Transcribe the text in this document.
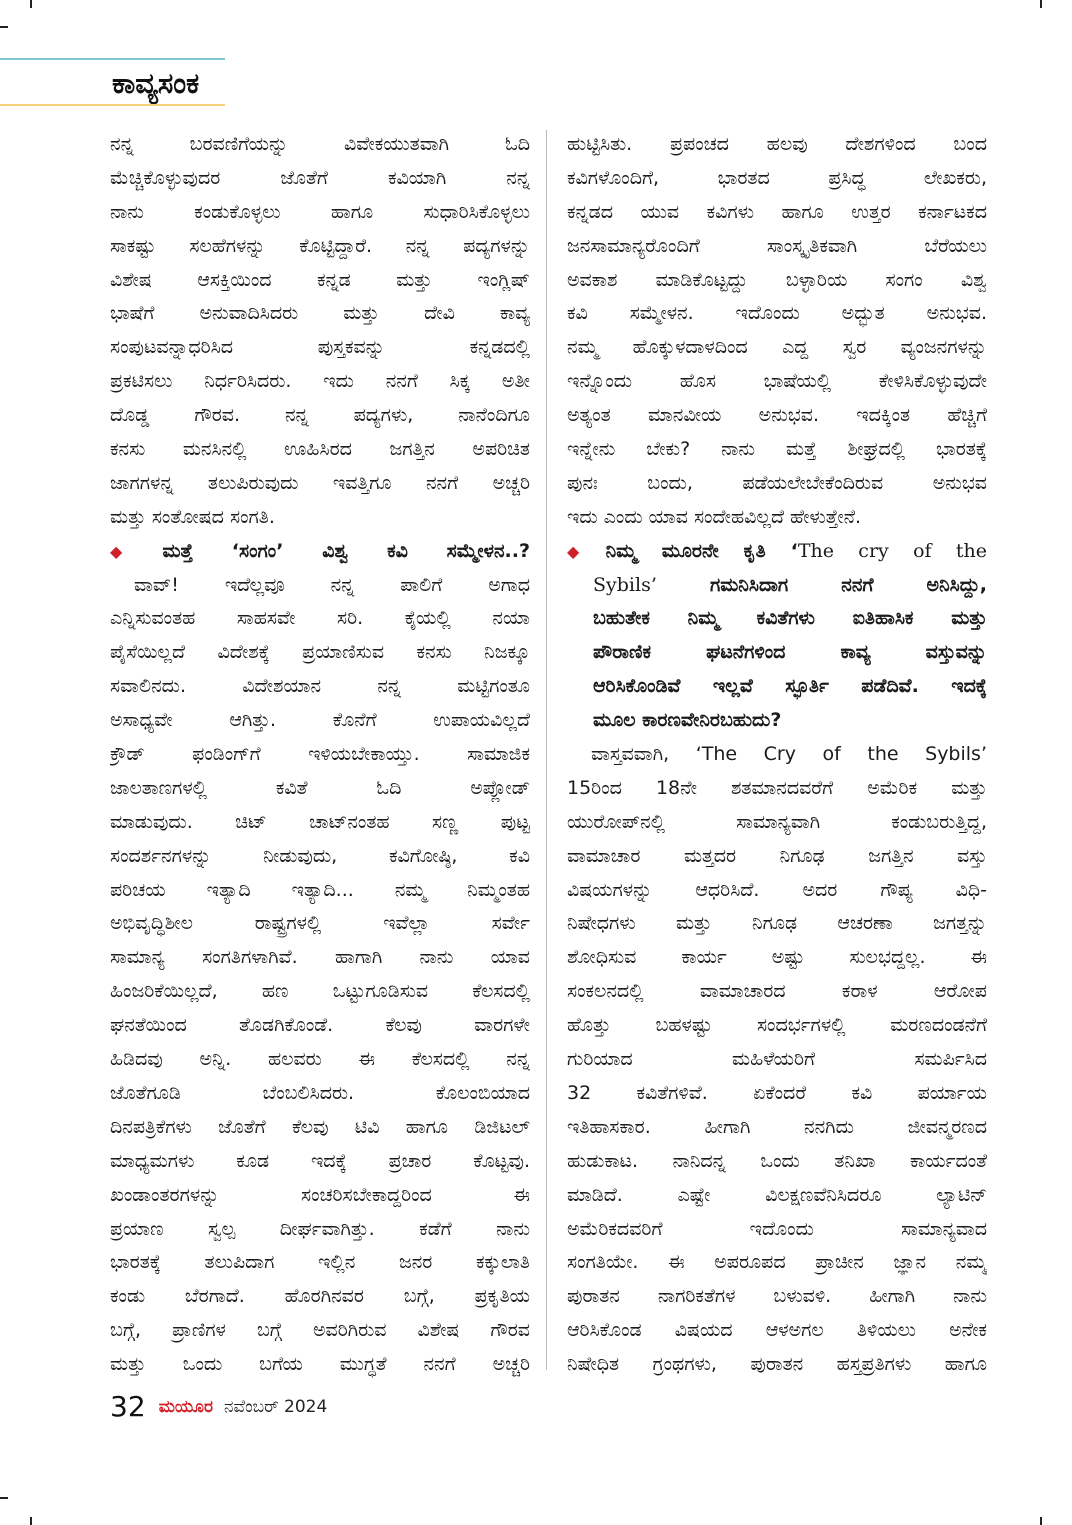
ಕಾವ್ಯಸಂಕ
ನನ್ನ ಬರವಣಿಗೆಯನ್ನು ವಿವೇಕಯುತವಾಗಿ ಓದಿ
ಮೆಚ್ಚಿಕೊಳ್ಳುವುದರ ಜೊತೆಗೆ ಕವಿಯಾಗಿ ನನ್ನ
ನಾನು ಕಂಡುಕೊಳ್ಳಲು ಹಾಗೂ ಸುಧಾರಿಸಿಕೊಳ್ಳಲು
ಸಾಕಷ್ಟು ಸಲಹೆಗಳನ್ನು ಕೊಟ್ಟಿದ್ದಾರೆ. ನನ್ನ ಪದ್ಯಗಳನ್ನು
ವಿಶೇಷ ಆಸಕ್ತಿಯಿಂದ ಕನ್ನಡ ಮತ್ತು ಇಂಗ್ಲಿಷ್
ಭಾಷೆಗೆ ಅನುವಾದಿಸಿದರು ಮತ್ತು ದೇವಿ ಕಾವ್ಯ
ಸಂಪುಟವನ್ನಾಧರಿಸಿದ ಪುಸ್ತಕವನ್ನು ಕನ್ನಡದಲ್ಲಿ
ಪ್ರಕಟಿಸಲು ನಿರ್ಧರಿಸಿದರು. ಇದು ನನಗೆ ಸಿಕ್ಕ ಅತೀ
ದೊಡ್ಡ ಗೌರವ. ನನ್ನ ಪದ್ಯಗಳು, ನಾನೆಂದಿಗೂ
ಕನಸು ಮನಸಿನಲ್ಲಿ ಊಹಿಸಿರದ ಜಗತ್ತಿನ ಅಪರಿಚಿತ
ಜಾಗಗಳನ್ನ ತಲುಪಿರುವುದು ಇವತ್ತಿಗೂ ನನಗೆ ಅಚ್ಚರಿ
ಮತ್ತು ಸಂತೋಷದ ಸಂಗತಿ.
◆ ಮತ್ತೆ ‘ಸಂಗಂ’ ವಿಶ್ವ ಕವಿ ಸಮ್ಮೇಳನ..?
ವಾವ್! ಇದೆಲ್ಲವೂ ನನ್ನ ಪಾಲಿಗೆ ಅಗಾಧ
ಎನ್ನಿಸುವಂತಹ ಸಾಹಸವೇ ಸರಿ. ಕೈಯಲ್ಲಿ ನಯಾ
ಪೈಸೆಯಿಲ್ಲದೆ ವಿದೇಶಕ್ಕೆ ಪ್ರಯಾಣಿಸುವ ಕನಸು ನಿಜಕ್ಕೂ
ಸವಾಲಿನದು. ವಿದೇಶಯಾನ ನನ್ನ ಮಟ್ಟಿಗಂತೂ
ಅಸಾಧ್ಯವೇ ಆಗಿತ್ತು. ಕೊನೆಗೆ ಉಪಾಯವಿಲ್ಲದೆ
ಕ್ರೌಡ್ ಫಂಡಿಂಗ್‌ಗೆ ಇಳಿಯಬೇಕಾಯ್ತು. ಸಾಮಾಜಿಕ
ಜಾಲತಾಣಗಳಲ್ಲಿ ಕವಿತೆ ಓದಿ ಅಪ್ಲೋಡ್
ಮಾಡುವುದು. ಚಿಟ್ ಚಾಟ್‌ನಂತಹ ಸಣ್ಣ ಪುಟ್ಟ
ಸಂದರ್ಶನಗಳನ್ನು ನೀಡುವುದು, ಕವಿಗೋಷ್ಠಿ, ಕವಿ
ಪರಿಚಯ ಇತ್ಯಾದಿ ಇತ್ಯಾದಿ... ನಮ್ಮ ನಿಮ್ಮಂತಹ
ಅಭಿವೃದ್ಧಿಶೀಲ ರಾಷ್ಟ್ರಗಳಲ್ಲಿ ಇವೆಲ್ಲಾ ಸರ್ವೇ
ಸಾಮಾನ್ಯ ಸಂಗತಿಗಳಾಗಿವೆ. ಹಾಗಾಗಿ ನಾನು ಯಾವ
ಹಿಂಜರಿಕೆಯಿಲ್ಲದೆ, ಹಣ ಒಟ್ಟುಗೂಡಿಸುವ ಕೆಲಸದಲ್ಲಿ
ಘನತೆಯಿಂದ ತೊಡಗಿಕೊಂಡೆ. ಕೆಲವು ವಾರಗಳೇ
ಹಿಡಿದವು ಅನ್ನಿ. ಹಲವರು ಈ ಕೆಲಸದಲ್ಲಿ ನನ್ನ
ಜೊತೆಗೂಡಿ ಬೆಂಬಲಿಸಿದರು. ಕೊಲಂಬಿಯಾದ
ದಿನಪತ್ರಿಕೆಗಳು ಜೊತೆಗೆ ಕೆಲವು ಟಿವಿ ಹಾಗೂ ಡಿಜಿಟಲ್
ಮಾಧ್ಯಮಗಳು ಕೂಡ ಇದಕ್ಕೆ ಪ್ರಚಾರ ಕೊಟ್ಟವು.
ಖಂಡಾಂತರಗಳನ್ನು ಸಂಚರಿಸಬೇಕಾದ್ದರಿಂದ ಈ
ಪ್ರಯಾಣ ಸ್ವಲ್ಪ ದೀರ್ಘವಾಗಿತ್ತು. ಕಡೆಗೆ ನಾನು
ಭಾರತಕ್ಕೆ ತಲುಪಿದಾಗ ಇಲ್ಲಿನ ಜನರ ಕಕ್ಕುಲಾತಿ
ಕಂಡು ಬೆರಗಾದೆ. ಹೊರಗಿನವರ ಬಗ್ಗೆ, ಪ್ರಕೃತಿಯ
ಬಗ್ಗೆ, ಪ್ರಾಣಿಗಳ ಬಗ್ಗೆ ಅವರಿಗಿರುವ ವಿಶೇಷ ಗೌರವ
ಮತ್ತು ಒಂದು ಬಗೆಯ ಮುಗ್ಧತೆ ನನಗೆ ಅಚ್ಚರಿ
ಹುಟ್ಟಿಸಿತು. ಪ್ರಪಂಚದ ಹಲವು ದೇಶಗಳಿಂದ ಬಂದ
ಕವಿಗಳೊಂದಿಗೆ, ಭಾರತದ ಪ್ರಸಿದ್ಧ ಲೇಖಕರು,
ಕನ್ನಡದ ಯುವ ಕವಿಗಳು ಹಾಗೂ ಉತ್ತರ ಕರ್ನಾಟಕದ
ಜನಸಾಮಾನ್ಯರೊಂದಿಗೆ ಸಾಂಸ್ಕೃತಿಕವಾಗಿ ಬೆರೆಯಲು
ಅವಕಾಶ ಮಾಡಿಕೊಟ್ಟದ್ದು ಬಳ್ಳಾರಿಯ ಸಂಗಂ ವಿಶ್ವ
ಕವಿ ಸಮ್ಮೇಳನ. ಇದೊಂದು ಅದ್ಭುತ ಅನುಭವ.
ನಮ್ಮ ಹೊಕ್ಕುಳದಾಳದಿಂದ ಎದ್ದ ಸ್ವರ ವ್ಯಂಜನಗಳನ್ನು
ಇನ್ನೊಂದು ಹೊಸ ಭಾಷೆಯಲ್ಲಿ ಕೇಳಿಸಿಕೊಳ್ಳುವುದೇ
ಅತ್ಯಂತ ಮಾನವೀಯ ಅನುಭವ. ಇದಕ್ಕಿಂತ ಹೆಚ್ಚಿಗೆ
ಇನ್ನೇನು ಬೇಕು? ನಾನು ಮತ್ತೆ ಶೀಘ್ರದಲ್ಲಿ ಭಾರತಕ್ಕೆ
ಪುನಃ ಬಂದು, ಪಡೆಯಲೇಬೇಕೆಂದಿರುವ ಅನುಭವ
ಇದು ಎಂದು ಯಾವ ಸಂದೇಹವಿಲ್ಲದೆ ಹೇಳುತ್ತೇನೆ.
◆ ನಿಮ್ಮ ಮೂರನೇ ಕೃತಿ ‘The cry of the
Sybils’ ಗಮನಿಸಿದಾಗ ನನಗೆ ಅನಿಸಿದ್ದು,
ಬಹುತೇಕ ನಿಮ್ಮ ಕವಿತೆಗಳು ಐತಿಹಾಸಿಕ ಮತ್ತು
ಪೌರಾಣಿಕ ಘಟನೆಗಳಿಂದ ಕಾವ್ಯ ವಸ್ತುವನ್ನು
ಆರಿಸಿಕೊಂಡಿವೆ ಇಲ್ಲವೆ ಸ್ಫೂರ್ತಿ ಪಡೆದಿವೆ. ಇದಕ್ಕೆ
ಮೂಲ ಕಾರಣವೇನಿರಬಹುದು?
ವಾಸ್ತವವಾಗಿ, ‘The Cry of the Sybils’
15ರಿಂದ 18ನೇ ಶತಮಾನದವರೆಗೆ ಅಮೆರಿಕ ಮತ್ತು
ಯುರೋಪ್‌ನಲ್ಲಿ ಸಾಮಾನ್ಯವಾಗಿ ಕಂಡುಬರುತ್ತಿದ್ದ,
ವಾಮಾಚಾರ ಮತ್ತದರ ನಿಗೂಢ ಜಗತ್ತಿನ ವಸ್ತು
ವಿಷಯಗಳನ್ನು ಆಧರಿಸಿದೆ. ಅದರ ಗೌಪ್ಯ ವಿಧಿ-
ನಿಷೇಧಗಳು ಮತ್ತು ನಿಗೂಢ ಆಚರಣಾ ಜಗತ್ತನ್ನು
ಶೋಧಿಸುವ ಕಾರ್ಯ ಅಷ್ಟು ಸುಲಭದ್ದಲ್ಲ. ಈ
ಸಂಕಲನದಲ್ಲಿ ವಾಮಾಚಾರದ ಕರಾಳ ಆರೋಪ
ಹೊತ್ತು ಬಹಳಷ್ಟು ಸಂದರ್ಭಗಳಲ್ಲಿ ಮರಣದಂಡನೆಗೆ
ಗುರಿಯಾದ ಮಹಿಳೆಯರಿಗೆ ಸಮರ್ಪಿಸಿದ
32 ಕವಿತೆಗಳಿವೆ. ಏಕೆಂದರೆ ಕವಿ ಪರ್ಯಾಯ
ಇತಿಹಾಸಕಾರ. ಹೀಗಾಗಿ ನನಗಿದು ಜೀವನ್ಮರಣದ
ಹುಡುಕಾಟ. ನಾನಿದನ್ನ ಒಂದು ತನಿಖಾ ಕಾರ್ಯದಂತೆ
ಮಾಡಿದೆ. ಎಷ್ಟೇ ವಿಲಕ್ಷಣವೆನಿಸಿದರೂ ಲ್ಯಾಟಿನ್
ಅಮೆರಿಕದವರಿಗೆ ಇದೊಂದು ಸಾಮಾನ್ಯವಾದ
ಸಂಗತಿಯೇ. ಈ ಅಪರೂಪದ ಪ್ರಾಚೀನ ಜ್ಞಾನ ನಮ್ಮ
ಪುರಾತನ ನಾಗರಿಕತೆಗಳ ಬಳುವಳಿ. ಹೀಗಾಗಿ ನಾನು
ಆರಿಸಿಕೊಂಡ ವಿಷಯದ ಆಳಅಗಲ ತಿಳಿಯಲು ಅನೇಕ
ನಿಷೇಧಿತ ಗ್ರಂಥಗಳು, ಪುರಾತನ ಹಸ್ತಪ್ರತಿಗಳು ಹಾಗೂ
32 ಮಯೂರ ನವೆಂಬರ್ 2024
